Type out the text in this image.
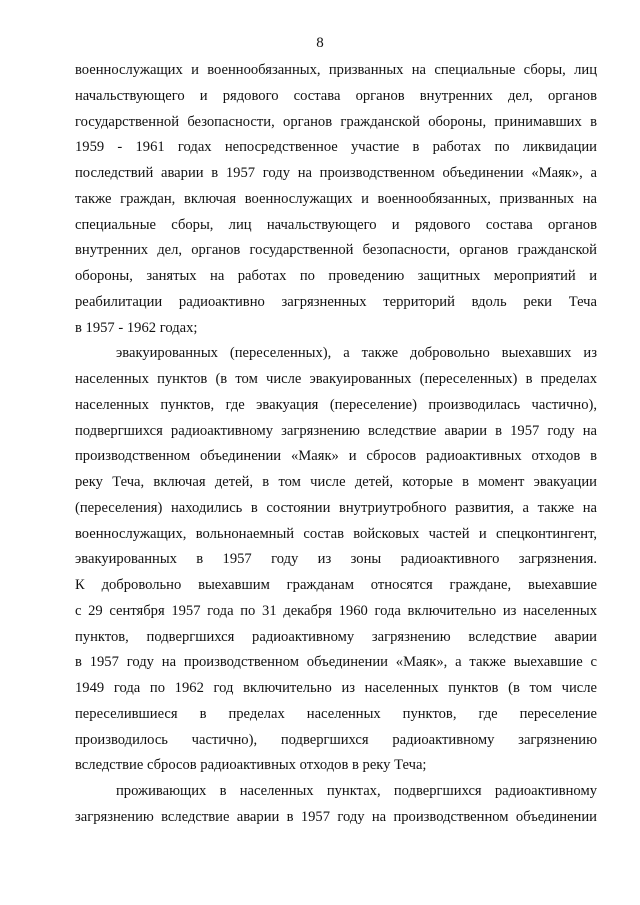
8
военнослужащих и военнообязанных, призванных на специальные сборы, лиц
начальствующего и рядового состава органов внутренних дел, органов
государственной безопасности, органов гражданской обороны, принимавших в
1959 - 1961 годах непосредственное участие в работах по ликвидации
последствий аварии в 1957 году на производственном объединении «Маяк», а
также граждан, включая военнослужащих и военнообязанных, призванных на
специальные сборы, лиц начальствующего и рядового состава органов
внутренних дел, органов государственной безопасности, органов гражданской
обороны, занятых на работах по проведению защитных мероприятий и
реабилитации радиоактивно загрязненных территорий вдоль реки Теча
в 1957 - 1962 годах;
эвакуированных (переселенных), а также добровольно выехавших из
населенных пунктов (в том числе эвакуированных (переселенных) в пределах
населенных пунктов, где эвакуация (переселение) производилась частично),
подвергшихся радиоактивному загрязнению вследствие аварии в 1957 году на
производственном объединении «Маяк» и сбросов радиоактивных отходов в
реку Теча, включая детей, в том числе детей, которые в момент эвакуации
(переселения) находились в состоянии внутриутробного развития, а также на
военнослужащих, вольнонаемный состав войсковых частей и спецконтингент,
эвакуированных в 1957 году из зоны радиоактивного загрязнения.
К добровольно выехавшим гражданам относятся граждане, выехавшие
с 29 сентября 1957 года по 31 декабря 1960 года включительно из населенных
пунктов, подвергшихся радиоактивному загрязнению вследствие аварии
в 1957 году на производственном объединении «Маяк», а также выехавшие с
1949 года по 1962 год включительно из населенных пунктов (в том числе
переселившиеся в пределах населенных пунктов, где переселение
производилось частично), подвергшихся радиоактивному загрязнению
вследствие сбросов радиоактивных отходов в реку Теча;
проживающих в населенных пунктах, подвергшихся радиоактивному
загрязнению вследствие аварии в 1957 году на производственном объединении
